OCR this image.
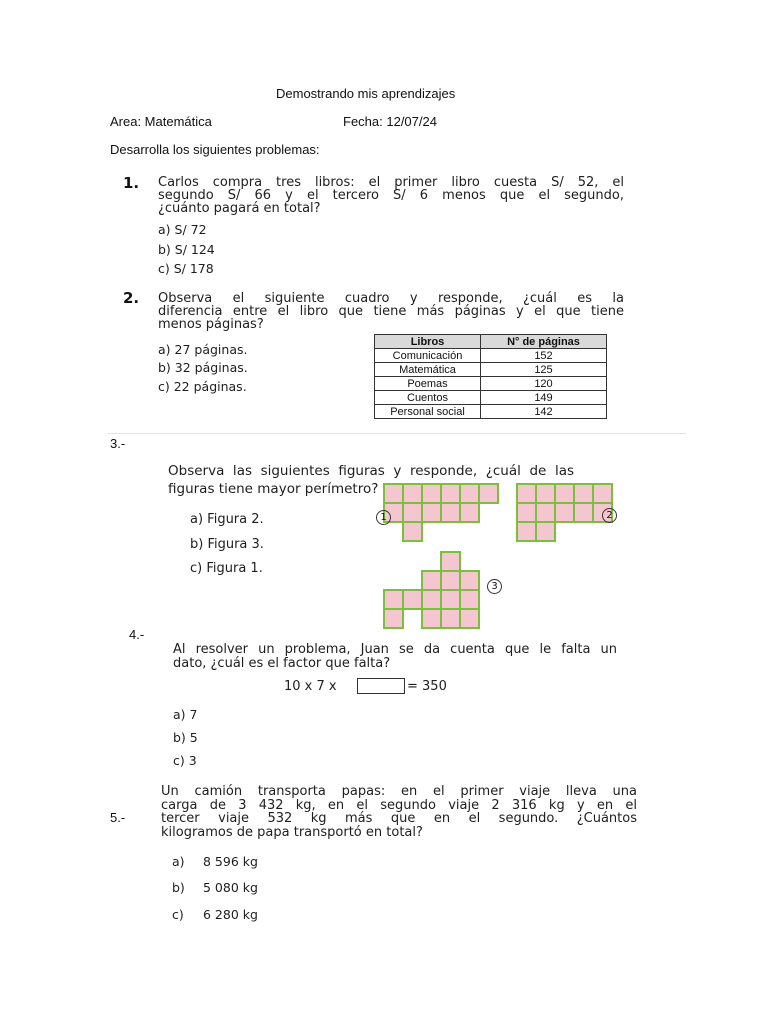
Demostrando mis aprendizajes
Area: Matemática	Fecha: 12/07/24
Desarrolla los siguientes problemas:
1. Carlos compra tres libros: el primer libro cuesta S/ 52, el
segundo S/ 66 y el tercero S/ 6 menos que el segundo,
¿cuánto pagará en total?
a) S/ 72
b) S/ 124
c) S/ 178
2. Observa el siguiente cuadro y responde, ¿cuál es la
diferencia entre el libro que tiene más páginas y el que tiene
menos páginas?
a) 27 páginas.
b) 32 páginas.
c) 22 páginas.
Libros	N° de páginas
Comunicación	152
Matemática	125
Poemas	120
Cuentos	149
Personal social	142
3.-
Observa las siguientes figuras y responde, ¿cuál de las
figuras tiene mayor perímetro?
a) Figura 2.
b) Figura 3.
c) Figura 1.
1	2
3
4.-
Al resolver un problema, Juan se da cuenta que le falta un
dato, ¿cuál es el factor que falta?
10 x 7 x	= 350
a) 7
b) 5
c) 3
5.-
Un camión transporta papas: en el primer viaje lleva una
carga de 3 432 kg, en el segundo viaje 2 316 kg y en el
tercer viaje 532 kg más que en el segundo. ¿Cuántos
kilogramos de papa transportó en total?
a) 8 596 kg
b) 5 080 kg
c) 6 280 kg
